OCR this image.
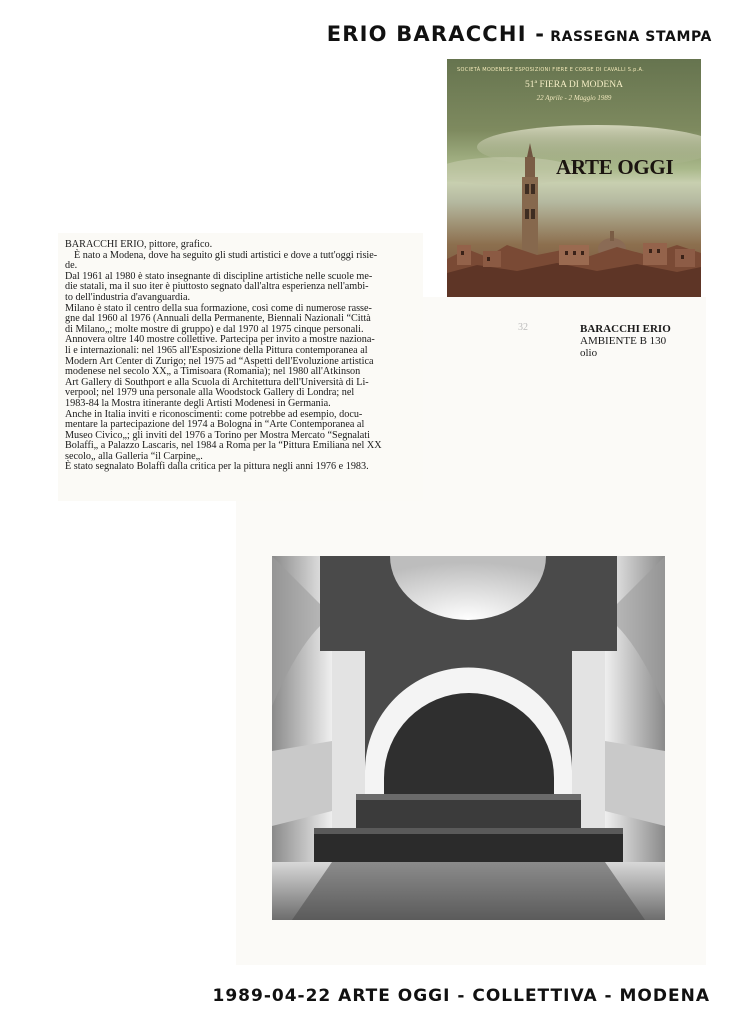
ERIO BARACCHI - RASSEGNA STAMPA
SOCIETÀ MODENESE ESPOSIZIONI FIERE E CORSE DI CAVALLI S.p.A.
51ª FIERA DI MODENA
22 Aprile - 2 Maggio 1989
ARTE OGGI

BARACCHI ERIO, pittore, grafico.

È nato a Modena, dove ha seguito gli studi artistici e dove a tutt'oggi risie-

de.

Dal 1961 al 1980 è stato insegnante di discipline artistiche nelle scuole me-

die statali, ma il suo iter è piuttosto segnato dall'altra esperienza nell'ambi-

to dell'industria d'avanguardia.

Milano è stato il centro della sua formazione, così come di numerose rasse-

gne dal 1960 al 1976 (Annuali della Permanente, Biennali Nazionali “Città

di Milano„; molte mostre di gruppo) e dal 1970 al 1975 cinque personali.

Annovera oltre 140 mostre collettive. Partecipa per invito a mostre naziona-

li e internazionali: nel 1965 all'Esposizione della Pittura contemporanea al

Modern Art Center di Zurigo; nel 1975 ad “Aspetti dell'Evoluzione artistica

modenese nel secolo XX„ a Timisoara (Romania); nel 1980 all'Atkinson

Art Gallery di Southport e alla Scuola di Architettura dell'Università di Li-

verpool; nel 1979 una personale alla Woodstock Gallery di Londra; nel

1983-84 la Mostra itinerante degli Artisti Modenesi in Germania.

Anche in Italia inviti e riconoscimenti: come potrebbe ad esempio, docu-

mentare la partecipazione del 1974 a Bologna in “Arte Contemporanea al

Museo Civico„; gli inviti del 1976 a Torino per Mostra Mercato “Segnalati

Bolaffi„ a Palazzo Lascaris, nel 1984 a Roma per la “Pittura Emiliana nel XX

secolo„ alla Galleria “il Carpine„.

È stato segnalato Bolaffi dalla critica per la pittura negli anni 1976 e 1983.

32	BARACCHI ERIO
AMBIENTE B 130
olio
1989-04-22 ARTE OGGI - COLLETTIVA - MODENA
